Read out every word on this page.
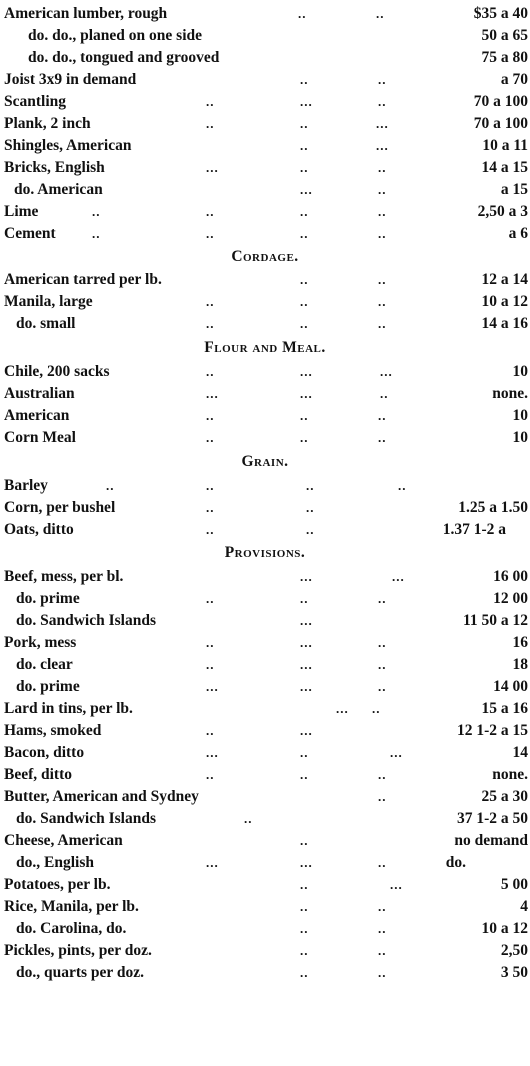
American lumber, rough	..	..	$35 a 40
do. do., planed on one side	50 a 65
do. do., tongued and grooved	75 a 80
Joist 3x9 in demand	..	..	a 70
Scantling	..	...	..	70 a 100
Plank, 2 inch	..	..	...	70 a 100
Shingles, American	..	...	10 a 11
Bricks, English	...	..	..	14 a 15
do. American	...	..	a 15
Lime	..	..	..	..	2,50 a 3
Cement	..	..	..	..	a 6
Cordage.
American tarred per lb.	..	..	12 a 14
Manila, large	..	..	..	10 a 12
do. small	..	..	..	14 a 16
Flour and Meal.
Chile, 200 sacks	..	...	...	10
Australian	...	...	..	none.
American	..	..	..	10
Corn Meal	..	..	..	10
Grain.
Barley	..	..	..	..
Corn, per bushel	..	..	1.25 a 1.50
Oats, ditto	..	..	1.37 1-2 a
Provisions.
Beef, mess, per bl.	...	...	16 00
do. prime	..	..	..	12 00
do. Sandwich Islands	...	11 50 a 12
Pork, mess	..	...	..	16
do. clear	..	...	..	18
do. prime	...	...	..	14 00
Lard in tins, per lb.	... ..	15 a 16
Hams, smoked	..	...	12 1-2 a 15
Bacon, ditto	...	..	...	14
Beef, ditto	..	..	..	none.
Butter, American and Sydney	..	25 a 30
do. Sandwich Islands	..	37 1-2 a 50
Cheese, American	..	no demand
do., English	...	...	..	do.
Potatoes, per lb.	..	...	5 00
Rice, Manila, per lb.	..	..	4
do. Carolina, do.	..	..	10 a 12
Pickles, pints, per doz.	..	..	2,50
do., quarts per doz.	..	..	3 50
